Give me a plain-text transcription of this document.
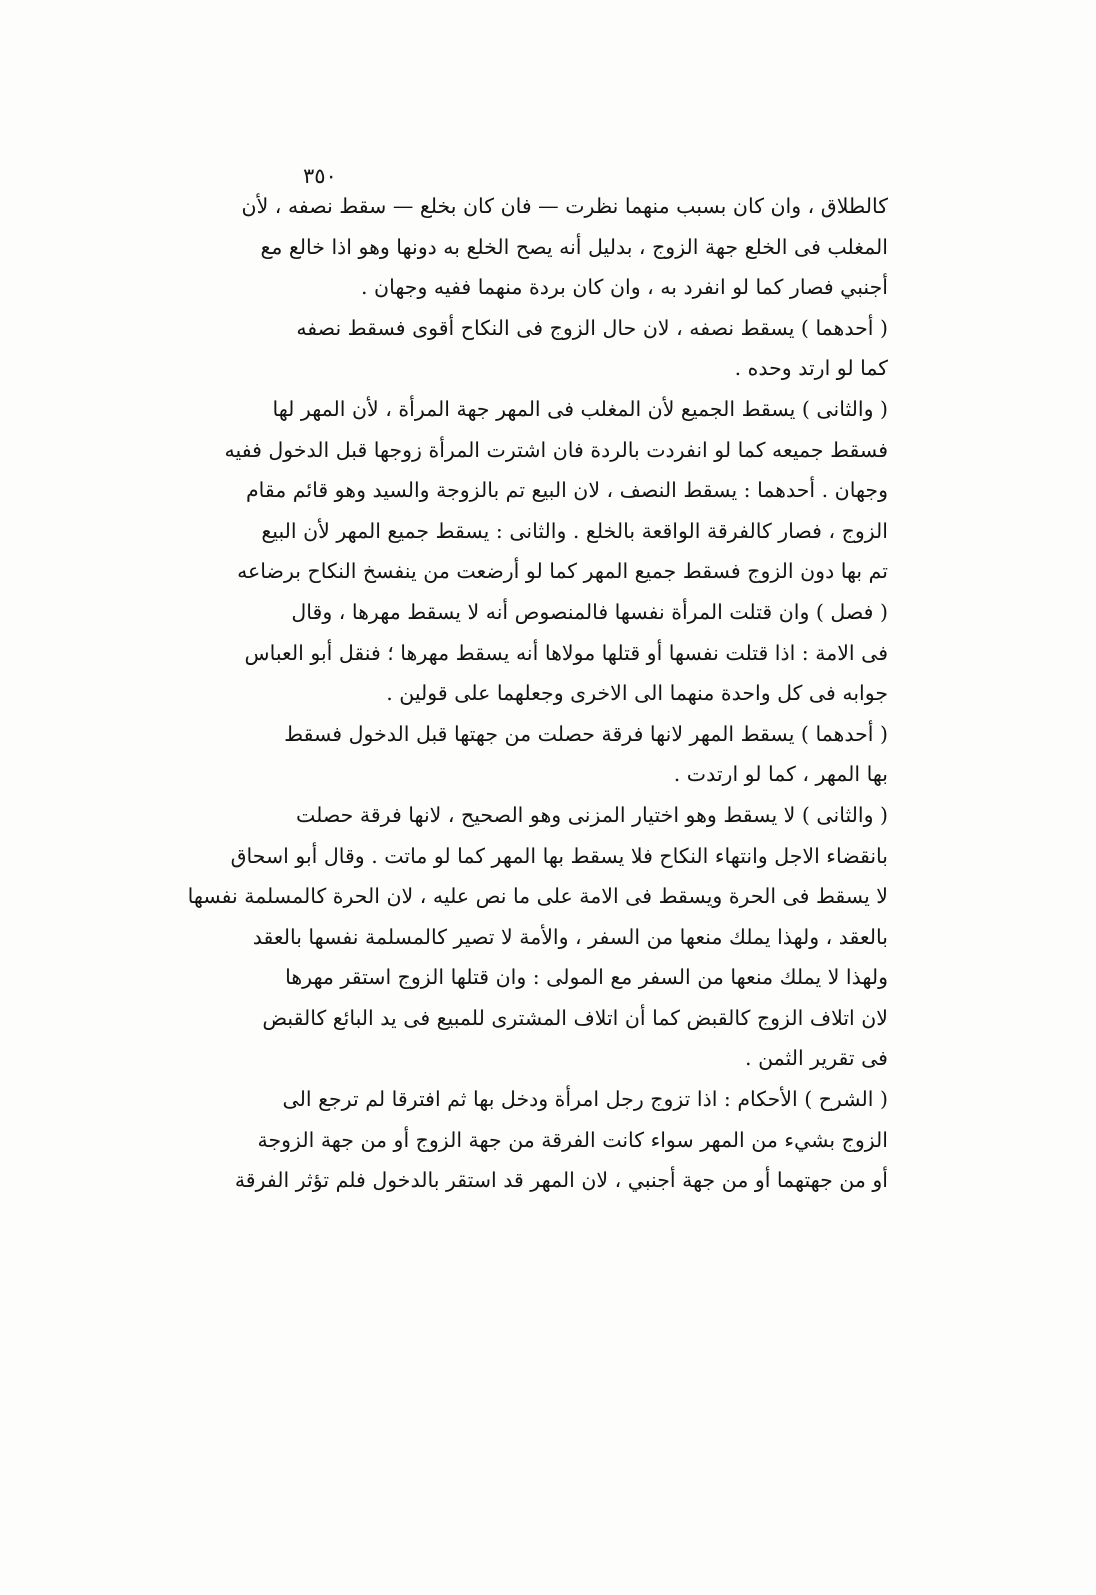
٣٥٠
كالطلاق ، وان كان بسبب منهما نظرت — فان كان بخلع — سقط نصفه ، لأن
المغلب فى الخلع جهة الزوج ، بدليل أنه يصح الخلع به دونها وهو اذا خالع مع
أجنبي فصار كما لو انفرد به ، وان كان بردة منهما ففيه وجهان .
( أحدهما ) يسقط نصفه ، لان حال الزوج فى النكاح أقوى فسقط نصفه
كما لو ارتد وحده .
( والثانى ) يسقط الجميع لأن المغلب فى المهر جهة المرأة ، لأن المهر لها
فسقط جميعه كما لو انفردت بالردة فان اشترت المرأة زوجها قبل الدخول ففيه
وجهان . أحدهما : يسقط النصف ، لان البيع تم بالزوجة والسيد وهو قائم مقام
الزوج ، فصار كالفرقة الواقعة بالخلع . والثانى : يسقط جميع المهر لأن البيع
تم بها دون الزوج فسقط جميع المهر كما لو أرضعت من ينفسخ النكاح برضاعه
( فصل ) وان قتلت المرأة نفسها فالمنصوص أنه لا يسقط مهرها ، وقال
فى الامة : اذا قتلت نفسها أو قتلها مولاها أنه يسقط مهرها ؛ فنقل أبو العباس
جوابه فى كل واحدة منهما الى الاخرى وجعلهما على قولين .
( أحدهما ) يسقط المهر لانها فرقة حصلت من جهتها قبل الدخول فسقط
بها المهر ، كما لو ارتدت .
( والثانى ) لا يسقط وهو اختيار المزنى وهو الصحيح ، لانها فرقة حصلت
بانقضاء الاجل وانتهاء النكاح فلا يسقط بها المهر كما لو ماتت . وقال أبو اسحاق
لا يسقط فى الحرة ويسقط فى الامة على ما نص عليه ، لان الحرة كالمسلمة نفسها
بالعقد ، ولهذا يملك منعها من السفر ، والأمة لا تصير كالمسلمة نفسها بالعقد
ولهذا لا يملك منعها من السفر مع المولى : وان قتلها الزوج استقر مهرها
لان اتلاف الزوج كالقبض كما أن اتلاف المشترى للمبيع فى يد البائع كالقبض
فى تقرير الثمن .
( الشرح ) الأحكام : اذا تزوج رجل امرأة ودخل بها ثم افترقا لم ترجع الى
الزوج بشيء من المهر سواء كانت الفرقة من جهة الزوج أو من جهة الزوجة
أو من جهتهما أو من جهة أجنبي ، لان المهر قد استقر بالدخول فلم تؤثر الفرقة
